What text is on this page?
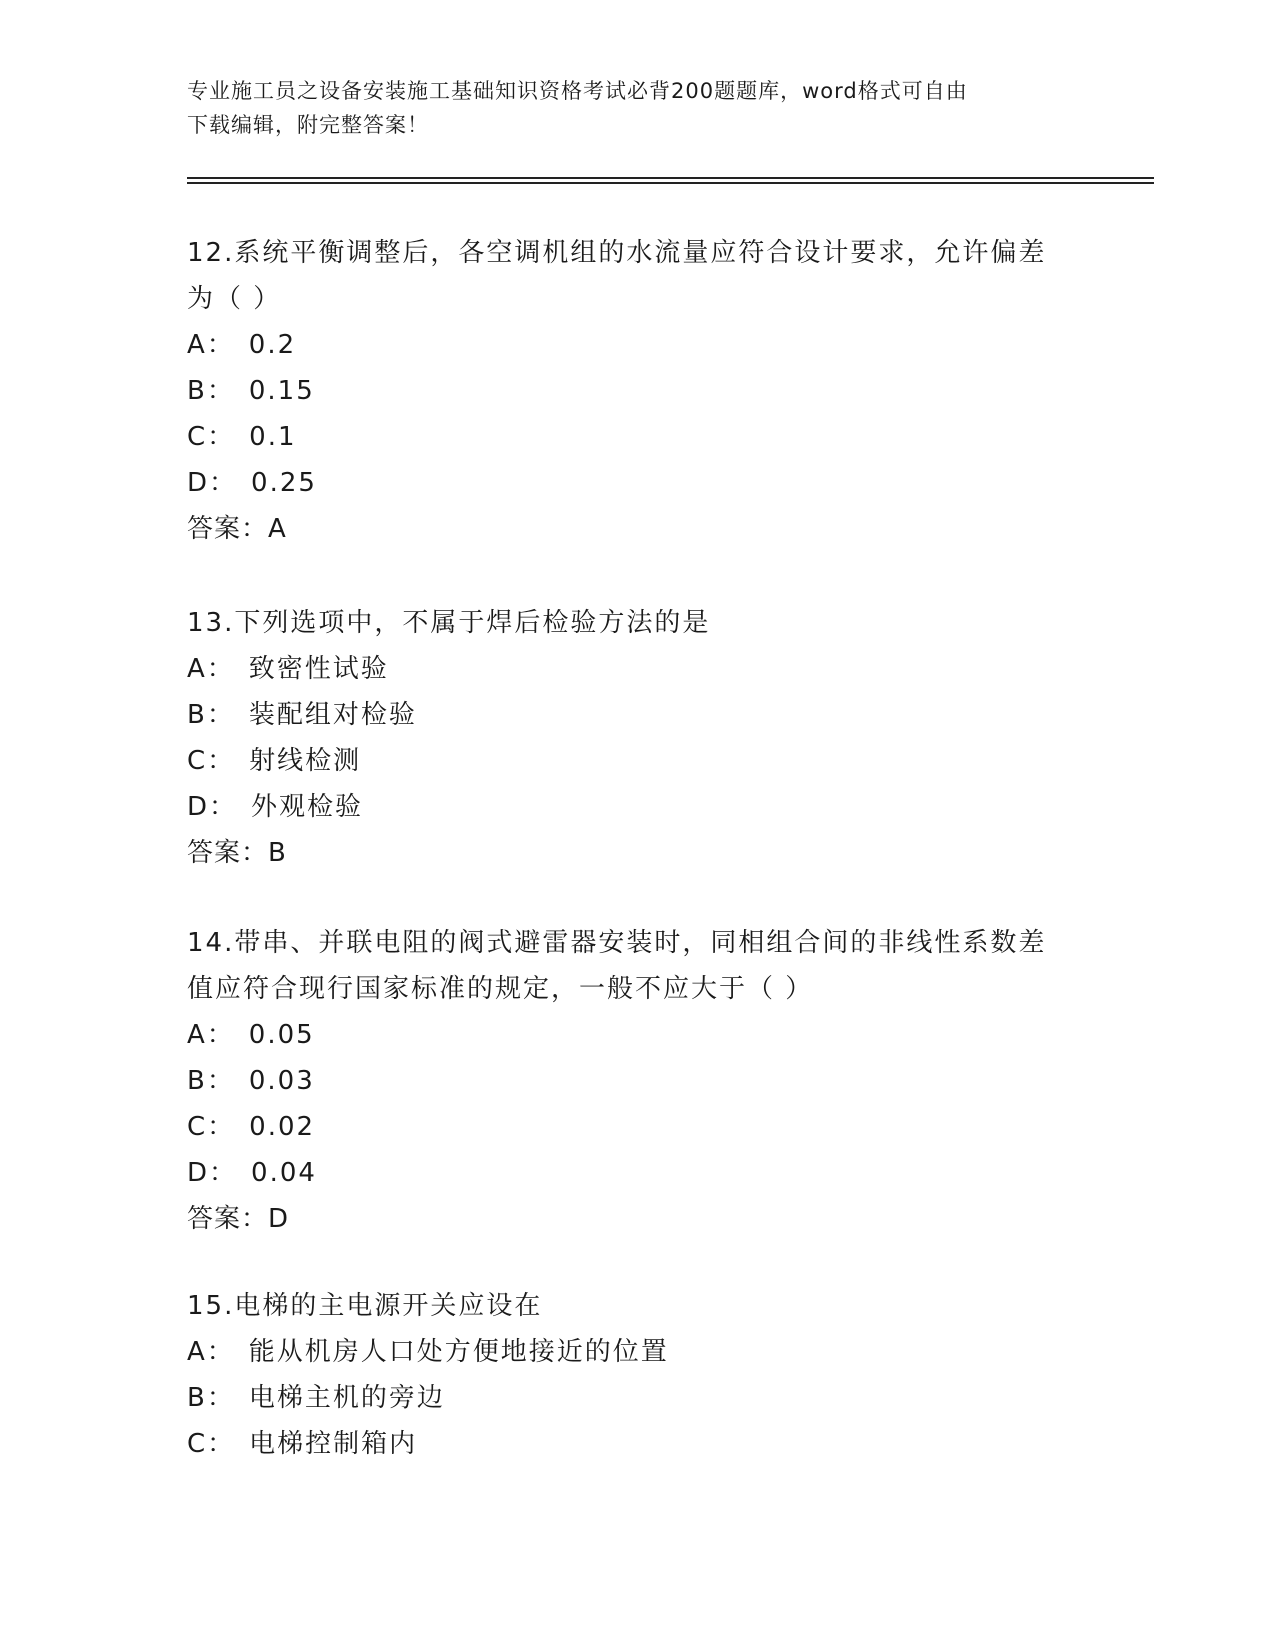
专业施工员之设备安装施工基础知识资格考试必背200题题库，word格式可自由
下载编辑，附完整答案！
12.系统平衡调整后，各空调机组的水流量应符合设计要求，允许偏差
为（ ）
A： 0.2
B： 0.15
C： 0.1
D： 0.25
答案：A
13.下列选项中，不属于焊后检验方法的是
A： 致密性试验
B： 装配组对检验
C： 射线检测
D： 外观检验
答案：B
14.带串、并联电阻的阀式避雷器安装时，同相组合间的非线性系数差
值应符合现行国家标准的规定，一般不应大于（ ）
A： 0.05
B： 0.03
C： 0.02
D： 0.04
答案：D
15.电梯的主电源开关应设在
A： 能从机房人口处方便地接近的位置
B： 电梯主机的旁边
C： 电梯控制箱内
